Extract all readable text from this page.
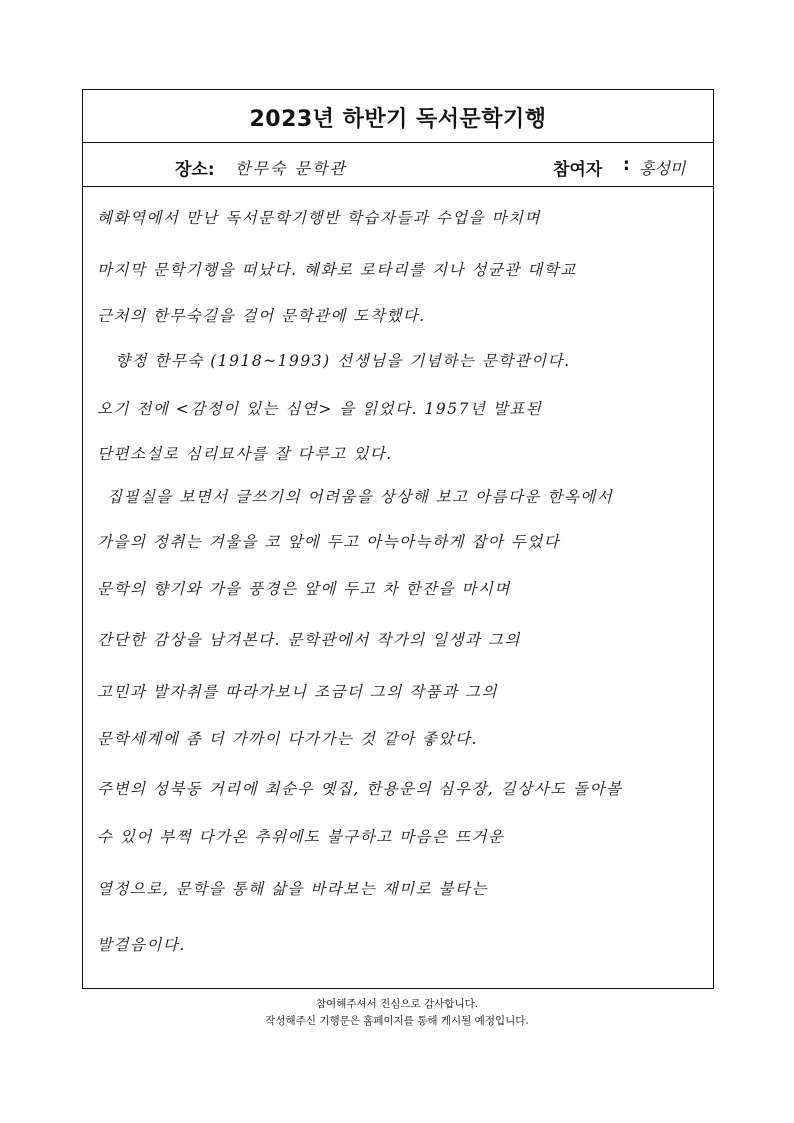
2023년 하반기 독서문학기행
장소: 한무숙 문학관	참여자 : 홍성미
혜화역에서 만난 독서문학기행반 학습자들과 수업을 마치며
마지막 문학기행을 떠났다. 혜화로 로타리를 지나 성균관 대학교
근처의 한무숙길을 걸어 문학관에 도착했다.
향정 한무숙 (1918~1993) 선생님을 기념하는 문학관이다.
오기 전에 <감정이 있는 심연> 을 읽었다. 1957년 발표된
단편소설로 심리묘사를 잘 다루고 있다.
집필실을 보면서 글쓰기의 어려움을 상상해 보고 아름다운 한옥에서
가을의 정취는 겨울을 코 앞에 두고 아늑아늑하게 잡아 두었다
문학의 향기와 가을 풍경은 앞에 두고 차 한잔을 마시며
간단한 감상을 남겨본다. 문학관에서 작가의 일생과 그의
고민과 발자취를 따라가보니 조금더 그의 작품과 그의
문학세계에 좀 더 가까이 다가가는 것 같아 좋았다.
주변의 성북동 거리에 최순우 옛집, 한용운의 심우장, 길상사도 돌아볼
수 있어 부쩍 다가온 추위에도 불구하고 마음은 뜨거운
열정으로, 문학을 통해 삶을 바라보는 재미로 불타는
발걸음이다.
참여해주셔서 진심으로 감사합니다.
작성해주신 기행문은 홈페이지를 통해 게시될 예정입니다.
